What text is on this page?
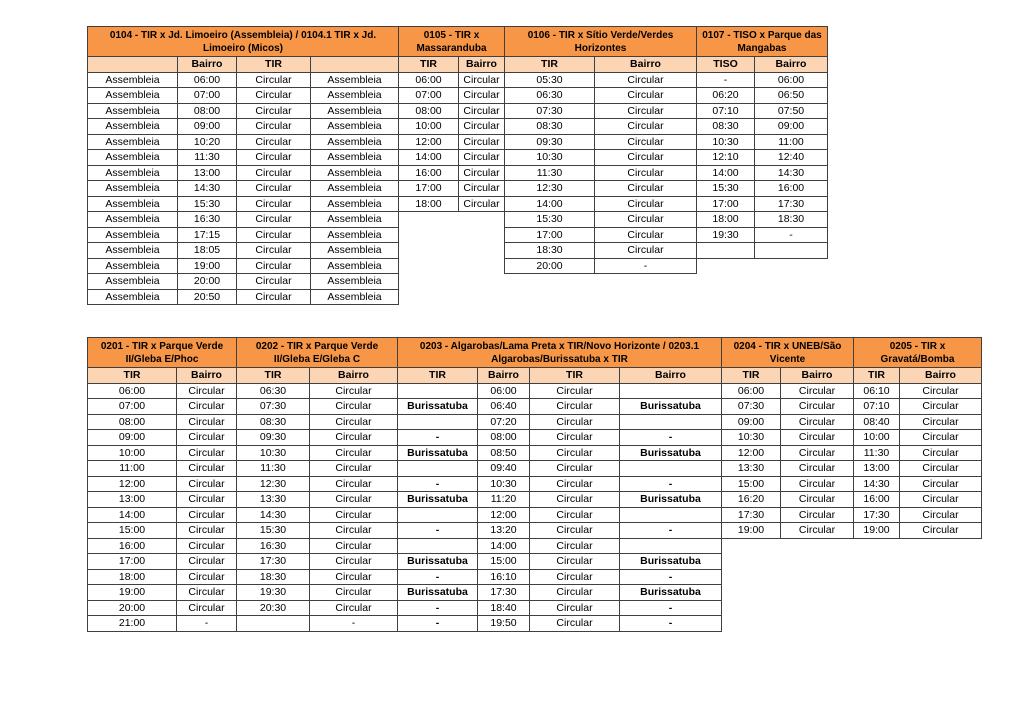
0104 - TIR x Jd. Limoeiro (Assembleia) / 0104.1 TIR x Jd. Limoeiro (Micos)				0105 - TIR x Massaranduba		0106 - TIR x Sítio Verde/Verdes Horizontes		0107 - TISO x Parque das Mangabas	
	Bairro	TIR		TIR	Bairro	TIR	Bairro	TISO	Bairro
Assembleia	06:00	Circular	Assembleia	06:00	Circular	05:30	Circular	-	06:00
Assembleia	07:00	Circular	Assembleia	07:00	Circular	06:30	Circular	06:20	06:50
Assembleia	08:00	Circular	Assembleia	08:00	Circular	07:30	Circular	07:10	07:50
Assembleia	09:00	Circular	Assembleia	10:00	Circular	08:30	Circular	08:30	09:00
Assembleia	10:20	Circular	Assembleia	12:00	Circular	09:30	Circular	10:30	11:00
Assembleia	11:30	Circular	Assembleia	14:00	Circular	10:30	Circular	12:10	12:40
Assembleia	13:00	Circular	Assembleia	16:00	Circular	11:30	Circular	14:00	14:30
Assembleia	14:30	Circular	Assembleia	17:00	Circular	12:30	Circular	15:30	16:00
Assembleia	15:30	Circular	Assembleia	18:00	Circular	14:00	Circular	17:00	17:30
Assembleia	16:30	Circular	Assembleia			15:30	Circular	18:00	18:30
Assembleia	17:15	Circular	Assembleia			17:00	Circular	19:30	-
Assembleia	18:05	Circular	Assembleia			18:30	Circular		
Assembleia	19:00	Circular	Assembleia			20:00	-		
Assembleia	20:00	Circular	Assembleia						
Assembleia	20:50	Circular	Assembleia						
0201 - TIR x Parque Verde II/Gleba E/Phoc		0202 - TIR x Parque Verde II/Gleba E/Gleba C		0203 - Algarobas/Lama Preta x TIR/Novo Horizonte / 0203.1 Algarobas/Burissatuba x TIR				0204 - TIR x UNEB/São Vicente		0205 - TIR x Gravatá/Bomba	
TIR	Bairro	TIR	Bairro	TIR	Bairro	TIR	Bairro	TIR	Bairro	TIR	Bairro
06:00	Circular	06:30	Circular		06:00	Circular		06:00	Circular	06:10	Circular
07:00	Circular	07:30	Circular	Burissatuba	06:40	Circular	Burissatuba	07:30	Circular	07:10	Circular
08:00	Circular	08:30	Circular		07:20	Circular		09:00	Circular	08:40	Circular
09:00	Circular	09:30	Circular	-	08:00	Circular	-	10:30	Circular	10:00	Circular
10:00	Circular	10:30	Circular	Burissatuba	08:50	Circular	Burissatuba	12:00	Circular	11:30	Circular
11:00	Circular	11:30	Circular		09:40	Circular		13:30	Circular	13:00	Circular
12:00	Circular	12:30	Circular	-	10:30	Circular	-	15:00	Circular	14:30	Circular
13:00	Circular	13:30	Circular	Burissatuba	11:20	Circular	Burissatuba	16:20	Circular	16:00	Circular
14:00	Circular	14:30	Circular		12:00	Circular		17:30	Circular	17:30	Circular
15:00	Circular	15:30	Circular	-	13:20	Circular	-	19:00	Circular	19:00	Circular
16:00	Circular	16:30	Circular		14:00	Circular					
17:00	Circular	17:30	Circular	Burissatuba	15:00	Circular	Burissatuba				
18:00	Circular	18:30	Circular	-	16:10	Circular	-				
19:00	Circular	19:30	Circular	Burissatuba	17:30	Circular	Burissatuba				
20:00	Circular	20:30	Circular	-	18:40	Circular	-				
21:00	-		-	-	19:50	Circular	-				
